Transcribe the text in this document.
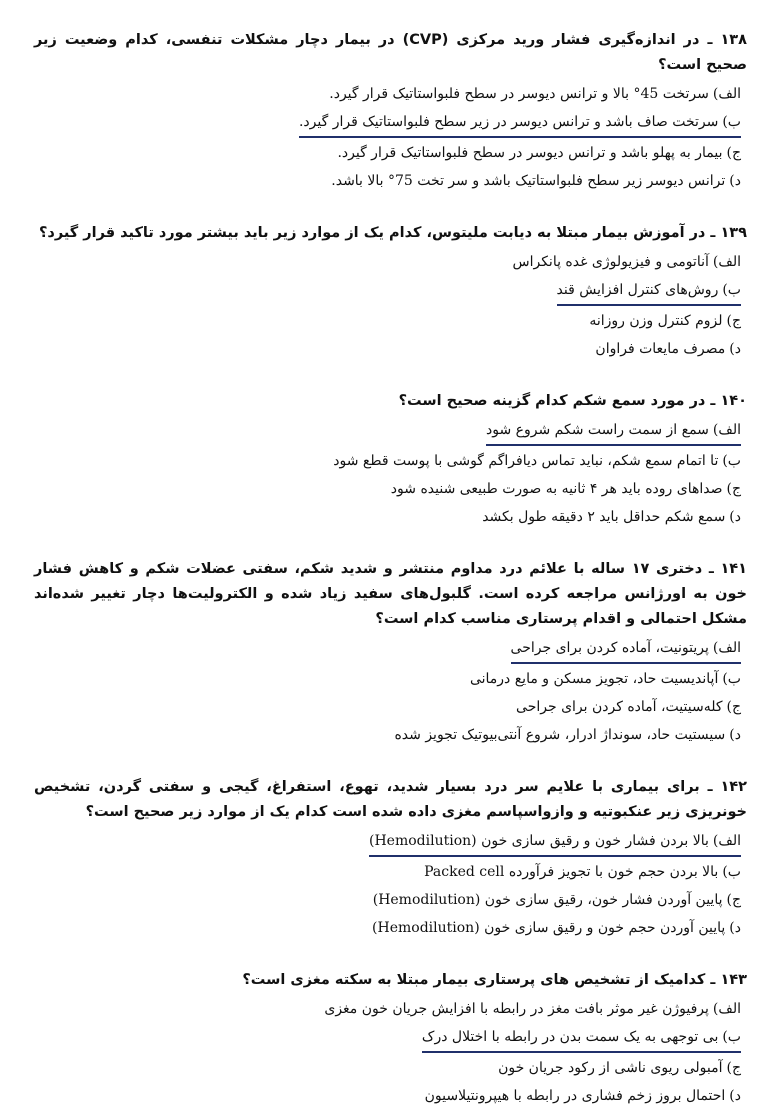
۱۳۸ ـ در اندازه‌گیری فشار ورید مرکزی (CVP) در بیمار دچار مشکلات تنفسی، کدام وضعیت زیر صحیح است؟

الف)سرتخت 45° بالا و ترانس دیوسر در سطح فلبواستاتیک قرار گیرد.
ب)سرتخت صاف باشد و ترانس دیوسر در زیر سطح فلبواستاتیک قرار گیرد.
ج)بیمار به پهلو باشد و ترانس دیوسر در سطح فلبواستاتیک قرار گیرد.
د)ترانس دیوسر زیر سطح فلبواستاتیک باشد و سر تخت 75° بالا باشد.

۱۳۹ ـ در آموزش بیمار مبتلا به دیابت ملیتوس، کدام یک از موارد زیر باید بیشتر مورد تاکید قرار گیرد؟

الف)آناتومی و فیزیولوژی غده پانکراس
ب)روش‌های کنترل افزایش قند
ج)لزوم کنترل وزن روزانه
د)مصرف مایعات فراوان

۱۴۰ ـ در مورد سمع شکم کدام گزینه صحیح است؟

الف)سمع از سمت راست شکم شروع شود
ب)تا اتمام سمع شکم، نباید تماس دیافراگم گوشی با پوست قطع شود
ج)صداهای روده باید هر ۴ ثانیه به صورت طبیعی شنیده شود
د)سمع شکم حداقل باید ۲ دقیقه طول بکشد

۱۴۱ ـ دختری ۱۷ ساله با علائم درد مداوم منتشر و شدید شکم، سفتی عضلات شکم و کاهش فشار خون به اورژانس مراجعه کرده است. گلبول‌های سفید زیاد شده و الکترولیت‌ها دچار تغییر شده‌اند مشکل احتمالی و اقدام پرستاری مناسب کدام است؟

الف)پریتونیت، آماده کردن برای جراحی
ب)آپاندیسیت حاد، تجویز مسکن و مایع درمانی
ج)کله‌سیتیت، آماده کردن برای جراحی
د)سیستیت حاد، سونداژ ادرار، شروع آنتی‌بیوتیک تجویز شده

۱۴۲ ـ برای بیماری با علایم سر درد بسیار شدید، تهوع، استفراغ، گیجی و سفتی گردن، تشخیص خونریزی زیر عنکبوتیه و وازواسپاسم مغزی داده شده است کدام یک از موارد زیر صحیح است؟

الف)بالا بردن فشار خون و رقیق سازی خون (Hemodilution)
ب)بالا بردن حجم خون با تجویز فرآورده Packed cell
ج)پایین آوردن فشار خون، رقیق سازی خون (Hemodilution)
د)پایین آوردن حجم خون و رقیق سازی خون (Hemodilution)

۱۴۳ ـ کدامیک از تشخیص های پرستاری بیمار مبتلا به سکته مغزی است؟

الف)پرفیوژن غیر موثر بافت مغز در رابطه با افزایش جریان خون مغزی
ب)بی توجهی به یک سمت بدن در رابطه با اختلال درک
ج)آمبولی ریوی ناشی از رکود جریان خون
د)احتمال بروز زخم فشاری در رابطه با هیپرونتیلاسیون
